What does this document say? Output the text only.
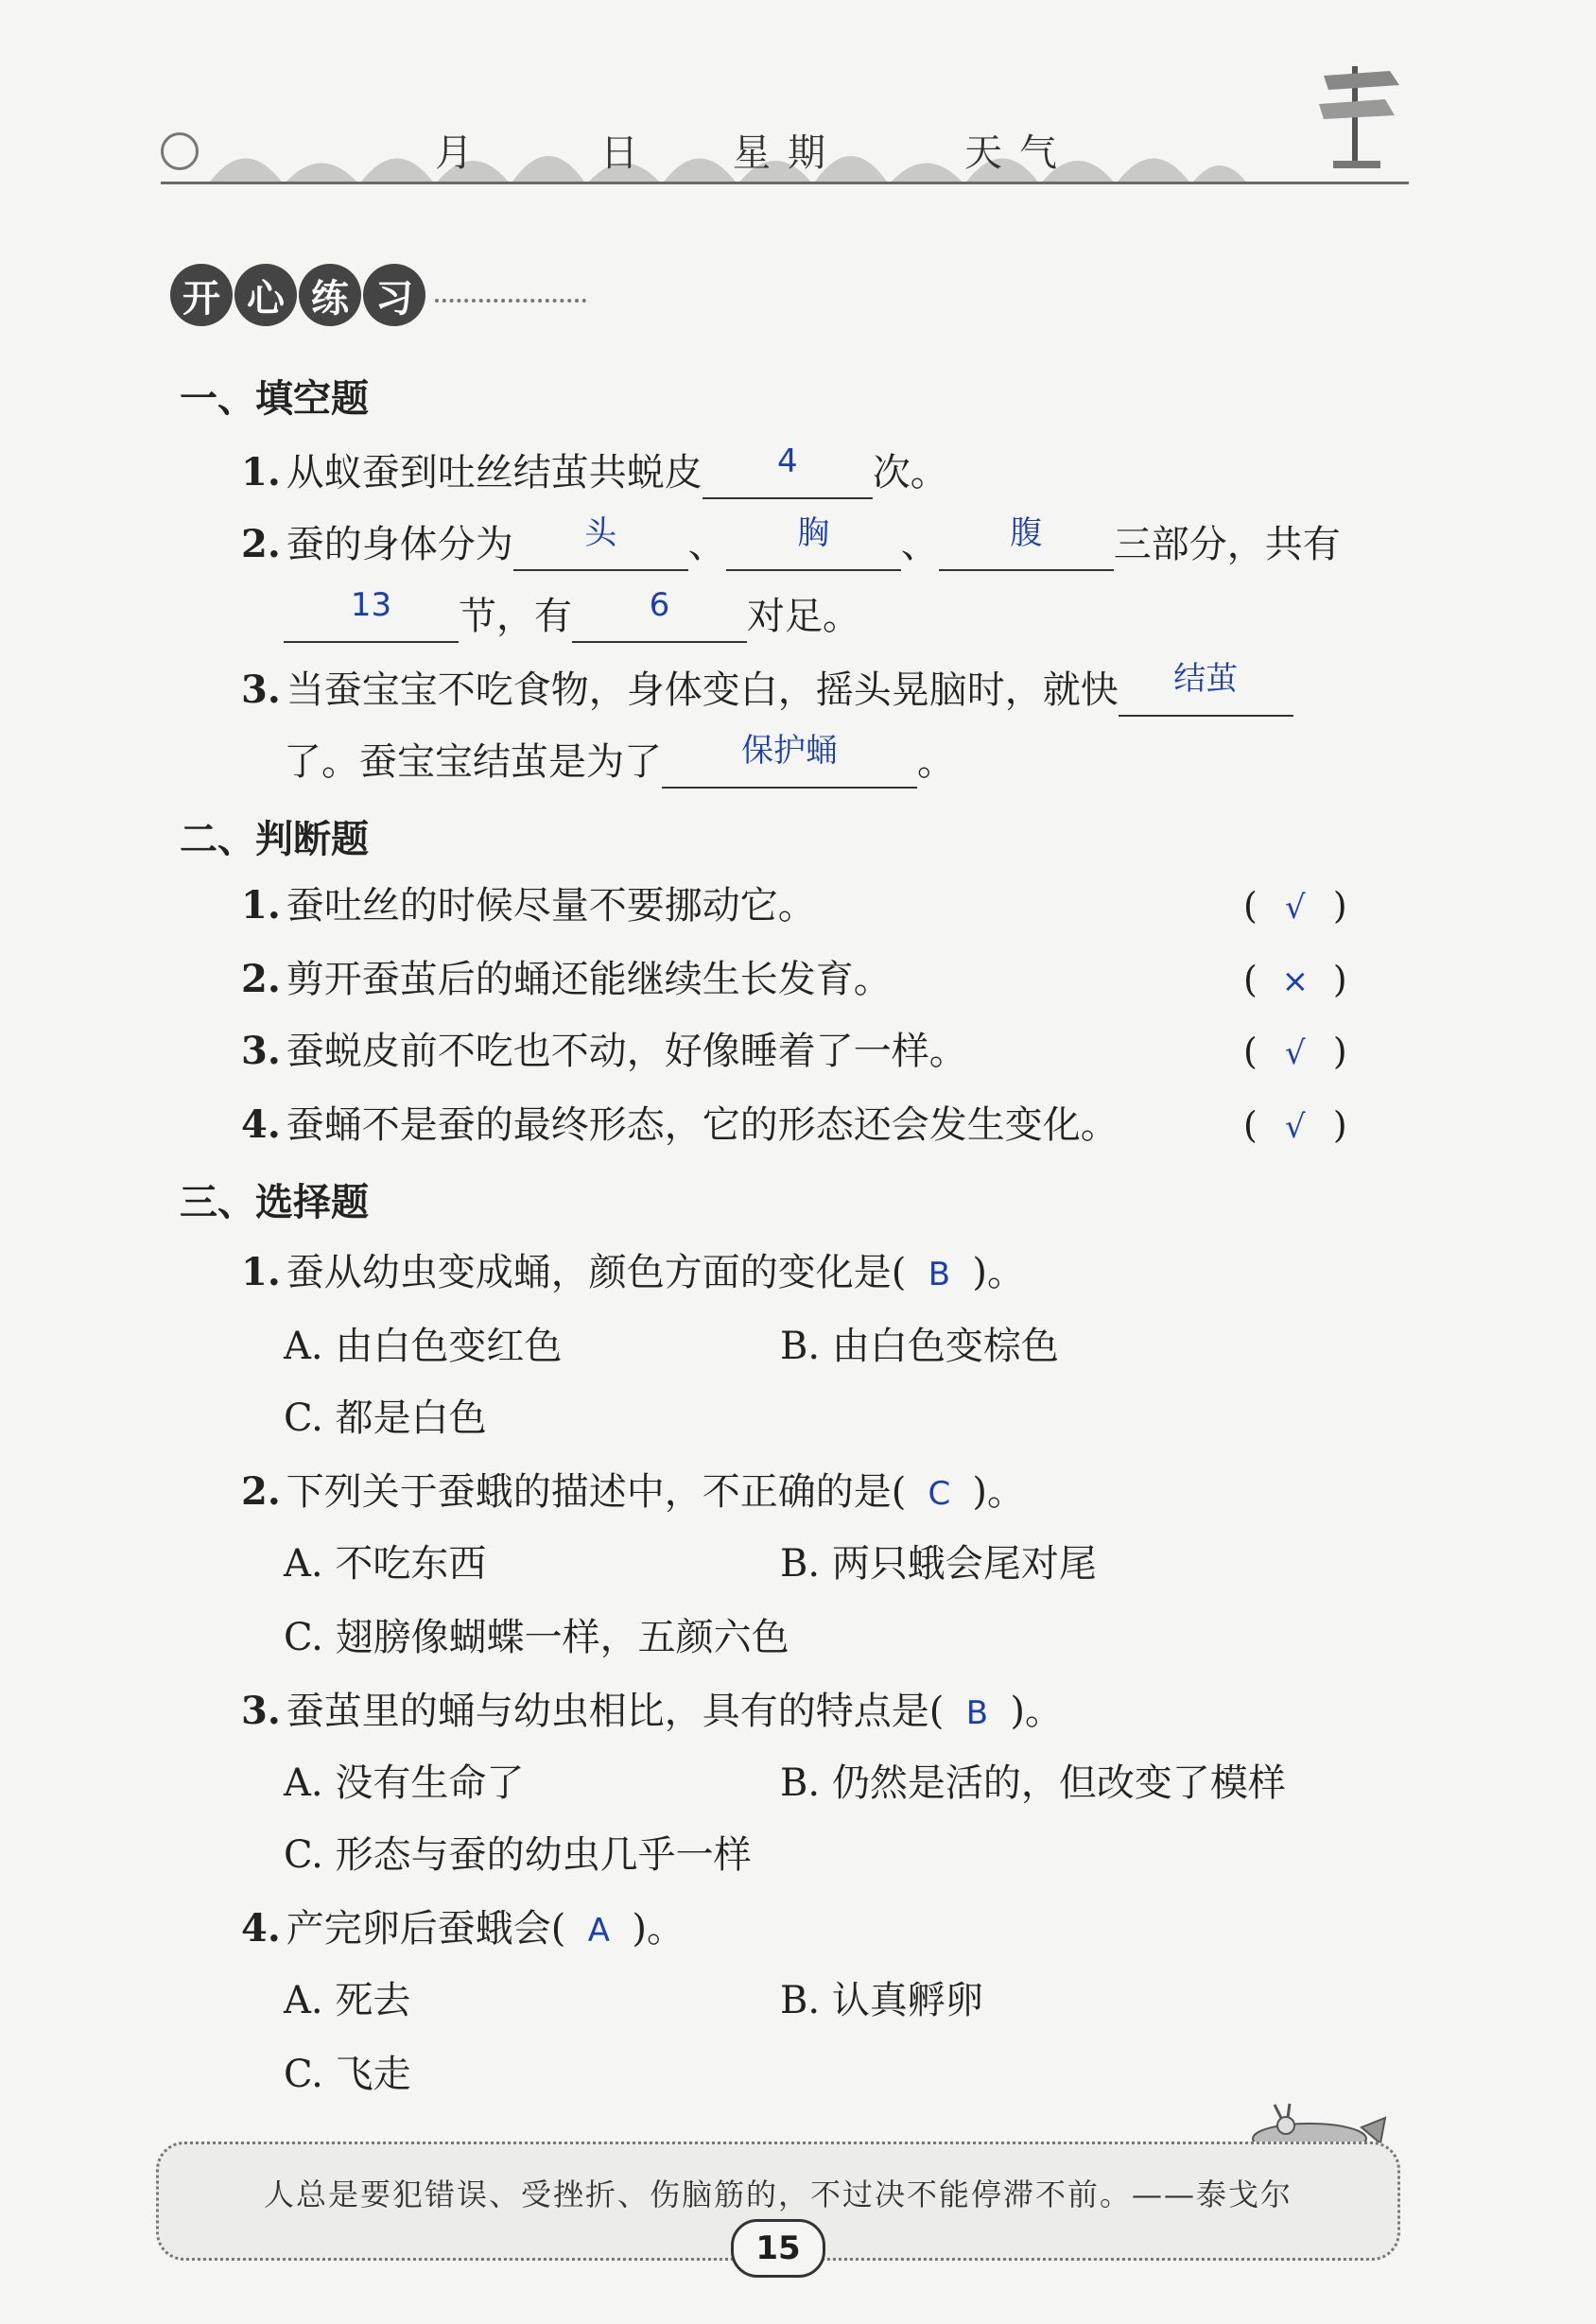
月	日 星期	天气
开 心 练 习
一、填空题
1. 从蚁蚕到吐丝结茧共蜕皮	4	次。
2. 蚕的身体分为	头	、	胸	、	腹	三部分，共有
13	节，有	6	对足。
3. 当蚕宝宝不吃食物，身体变白，摇头晃脑时，就快	结茧
了。蚕宝宝结茧是为了	保护蛹	。
二、判断题
1. 蚕吐丝的时候尽量不要挪动它。	( √ )
2. 剪开蚕茧后的蛹还能继续生长发育。	( × )
3. 蚕蜕皮前不吃也不动，好像睡着了一样。	( √ )
4. 蚕蛹不是蚕的最终形态，它的形态还会发生变化。	( √ )
三、选择题
1. 蚕从幼虫变成蛹，颜色方面的变化是( B )。
A. 由白色变红色	B. 由白色变棕色
C. 都是白色
2. 下列关于蚕蛾的描述中，不正确的是( C )。
A. 不吃东西	B. 两只蛾会尾对尾
C. 翅膀像蝴蝶一样，五颜六色
3. 蚕茧里的蛹与幼虫相比，具有的特点是( B )。
A. 没有生命了	B. 仍然是活的，但改变了模样
C. 形态与蚕的幼虫几乎一样
4. 产完卵后蚕蛾会( A )。
A. 死去	B. 认真孵卵
C. 飞走
人总是要犯错误、受挫折、伤脑筋的，不过决不能停滞不前。——泰戈尔
15
